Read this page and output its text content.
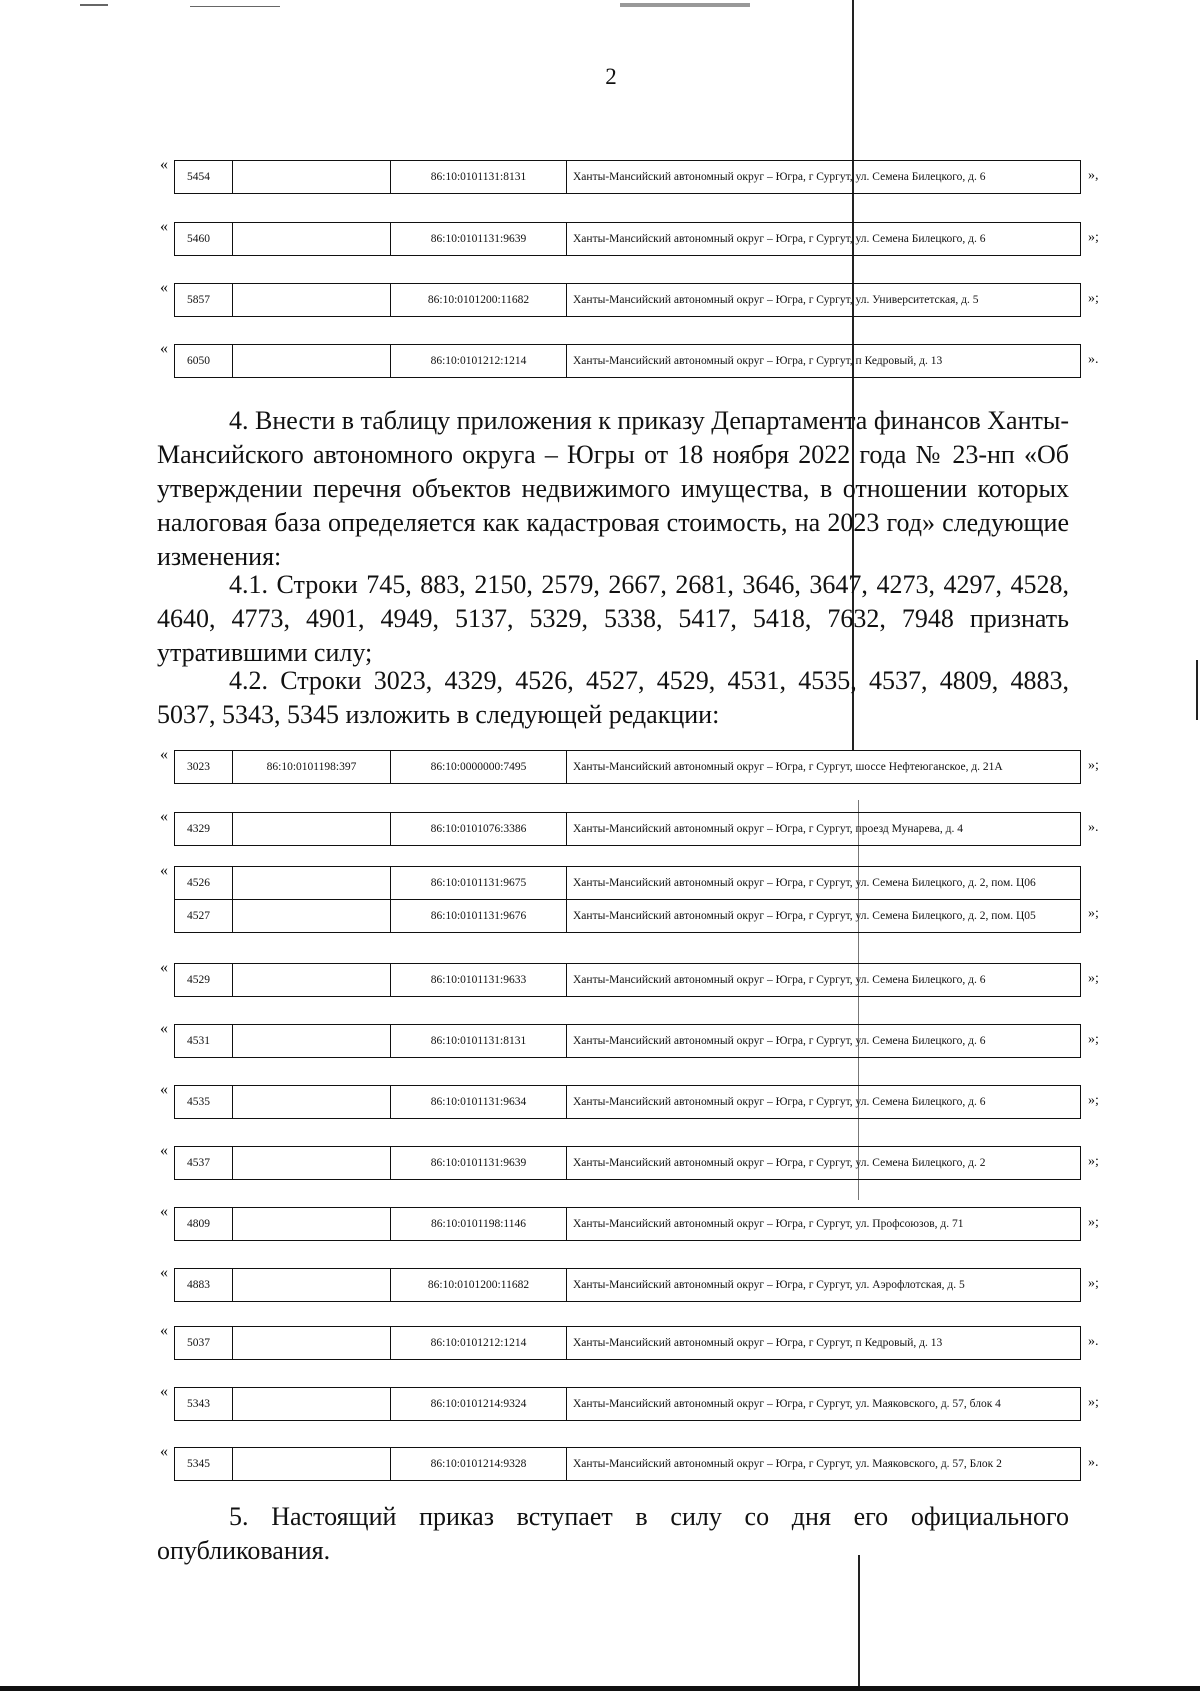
2
«
5454		86:10:0101131:8131	Ханты-Мансийский автономный округ – Югра, г Сургут, ул. Семена Билецкого, д. 6	»,
«
5460		86:10:0101131:9639	Ханты-Мансийский автономный округ – Югра, г Сургут, ул. Семена Билецкого, д. 6	»;
«
5857		86:10:0101200:11682	Ханты-Мансийский автономный округ – Югра, г Сургут, ул. Университетская, д. 5	»;
«
6050		86:10:0101212:1214	Ханты-Мансийский автономный округ – Югра, г Сургут, п Кедровый, д. 13	».

4. Внести в таблицу приложения к приказу Департамента финансов Ханты-Мансийского автономного округа – Югры от 18 ноября 2022 года № 23-нп «Об утверждении перечня объектов недвижимого имущества, в отношении которых налоговая база определяется как кадастровая стоимость, на 2023 год» следующие изменения:

4.1. Строки 745, 883, 2150, 2579, 2667, 2681, 3646, 3647, 4273, 4297, 4528, 4640, 4773, 4901, 4949, 5137, 5329, 5338, 5417, 5418, 7632, 7948 признать утратившими силу;

4.2. Строки 3023, 4329, 4526, 4527, 4529, 4531, 4535, 4537, 4809, 4883, 5037, 5343, 5345 изложить в следующей редакции:

«
3023	86:10:0101198:397	86:10:0000000:7495	Ханты-Мансийский автономный округ – Югра, г Сургут, шоссе Нефтеюганское, д. 21А	»;
«
4329		86:10:0101076:3386	Ханты-Мансийский автономный округ – Югра, г Сургут, проезд Мунарева, д. 4	».
«
4526		86:10:0101131:9675	Ханты-Мансийский автономный округ – Югра, г Сургут, ул. Семена Билецкого, д. 2, пом. Ц06
4527		86:10:0101131:9676	Ханты-Мансийский автономный округ – Югра, г Сургут, ул. Семена Билецкого, д. 2, пом. Ц05	»;
«
4529		86:10:0101131:9633	Ханты-Мансийский автономный округ – Югра, г Сургут, ул. Семена Билецкого, д. 6	»;
«
4531		86:10:0101131:8131	Ханты-Мансийский автономный округ – Югра, г Сургут, ул. Семена Билецкого, д. 6	»;
«
4535		86:10:0101131:9634	Ханты-Мансийский автономный округ – Югра, г Сургут, ул. Семена Билецкого, д. 6	»;
«
4537		86:10:0101131:9639	Ханты-Мансийский автономный округ – Югра, г Сургут, ул. Семена Билецкого, д. 2	»;
«
4809		86:10:0101198:1146	Ханты-Мансийский автономный округ – Югра, г Сургут, ул. Профсоюзов, д. 71	»;
«
4883		86:10:0101200:11682	Ханты-Мансийский автономный округ – Югра, г Сургут, ул. Аэрофлотская, д. 5	»;
«
5037		86:10:0101212:1214	Ханты-Мансийский автономный округ – Югра, г Сургут, п Кедровый, д. 13	».
«
5343		86:10:0101214:9324	Ханты-Мансийский автономный округ – Югра, г Сургут, ул. Маяковского, д. 57, блок 4	»;
«
5345		86:10:0101214:9328	Ханты-Мансийский автономный округ – Югра, г Сургут, ул. Маяковского, д. 57, Блок 2	».

5. Настоящий приказ вступает в силу со дня его официального опубликования.
